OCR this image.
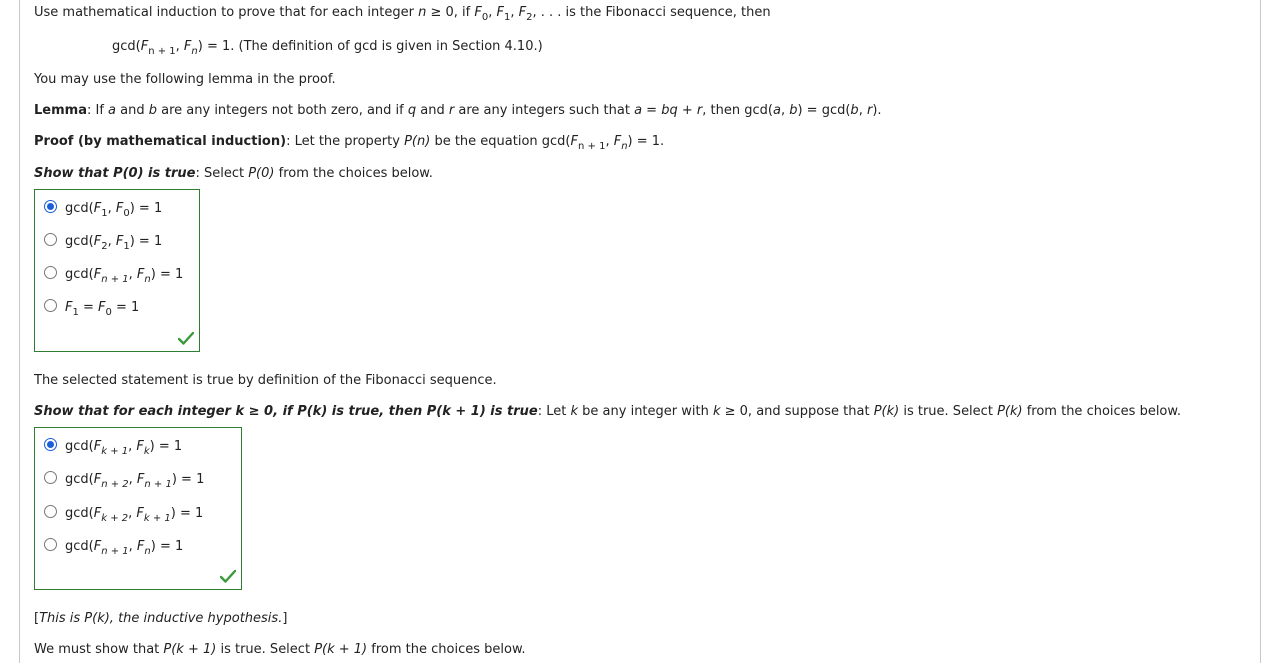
Use mathematical induction to prove that for each integer n ≥ 0, if $F_0$, $F_1$, $F_2$, . . . is the Fibonacci sequence, then
$\gcd(F_{n + 1}$, $F_n) = 1$. (The definition of gcd is given in Section 4.10.)
You may use the following lemma in the proof.
Lemma: If a and b are any integers not both zero, and if q and r are any integers such that a = bq + r, then gcd(a, b) = gcd(b, r).
Proof (by mathematical induction): Let the property P(n) be the equation $\gcd(F_{n + 1}$, $F_n) = 1$.
Show that P(0) is true: Select P(0) from the choices below.
$\gcd(F_1$, $F_0) = 1$
$\gcd(F_2$, $F_1) = 1$
$\gcd(F_{n + 1}$, $F_n) = 1$
$F_1 = F_0 = 1$
The selected statement is true by definition of the Fibonacci sequence.
Show that for each integer k ≥ 0, if P(k) is true, then P(k + 1) is true: Let k be any integer with k ≥ 0, and suppose that P(k) is true. Select P(k) from the choices below.
$\gcd(F_{k + 1}$, $F_k) = 1$
$\gcd(F_{n + 2}$, $F_{n + 1}) = 1$
$\gcd(F_{k + 2}$, $F_{k + 1}) = 1$
$\gcd(F_{n + 1}$, $F_n) = 1$
[This is P(k), the inductive hypothesis.]
We must show that P(k + 1) is true. Select P(k + 1) from the choices below.
